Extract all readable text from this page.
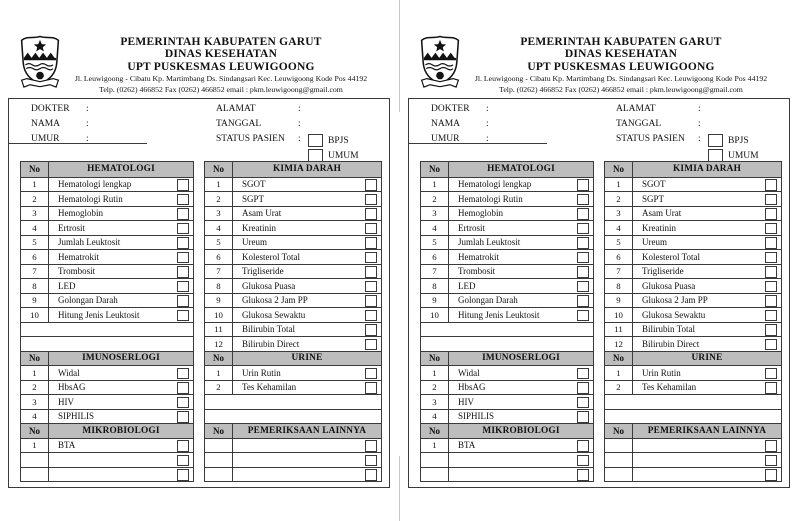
PEMERINTAH KABUPATEN GARUT
DINAS KESEHATAN
UPT PUSKESMAS LEUWIGOONG
Jl. Leuwigoong - Cibatu Kp. Martimbang Ds. Sindangsari Kec. Leuwigoong Kode Pos 44192
Telp. (0262) 466852 Fax (0262) 466852 email : pkm.leuwigoong@gmail.com
DOKTER	:
NAMA	:
UMUR	:
ALAMAT	:
TANGGAL	:
STATUS PASIEN	:	BPJS
UMUM
No	HEMATOLOGI
1	Hematologi lengkap
2	Hematologi Rutin
3	Hemoglobin
4	Ertrosit
5	Jumlah Leuktosit
6	Hematrokit
7	Trombosit
8	LED
9	Golongan Darah
10	Hitung Jenis Leuktosit
No	IMUNOSERLOGI
1	Widal
2	HbsAG
3	HIV
4	SIPHILIS
No	MIKROBIOLOGI
1	BTA
No	KIMIA DARAH
1	SGOT
2	SGPT
3	Asam Urat
4	Kreatinin
5	Ureum
6	Kolesterol Total
7	Trigliseride
8	Glukosa Puasa
9	Glukosa 2 Jam PP
10	Glukosa Sewaktu
11	Bilirubin Total
12	Bilirubin Direct
No	URINE
1	Urin Rutin
2	Tes Kehamilan
No	PEMERIKSAAN LAINNYA
PEMERINTAH KABUPATEN GARUT
DINAS KESEHATAN
UPT PUSKESMAS LEUWIGOONG
Jl. Leuwigoong - Cibatu Kp. Martimbang Ds. Sindangsari Kec. Leuwigoong Kode Pos 44192
Telp. (0262) 466852 Fax (0262) 466852 email : pkm.leuwigoong@gmail.com
DOKTER	:
NAMA	:
UMUR	:
ALAMAT	:
TANGGAL	:
STATUS PASIEN	:	BPJS
UMUM
No	HEMATOLOGI
1	Hematologi lengkap
2	Hematologi Rutin
3	Hemoglobin
4	Ertrosit
5	Jumlah Leuktosit
6	Hematrokit
7	Trombosit
8	LED
9	Golongan Darah
10	Hitung Jenis Leuktosit
No	IMUNOSERLOGI
1	Widal
2	HbsAG
3	HIV
4	SIPHILIS
No	MIKROBIOLOGI
1	BTA
No	KIMIA DARAH
1	SGOT
2	SGPT
3	Asam Urat
4	Kreatinin
5	Ureum
6	Kolesterol Total
7	Trigliseride
8	Glukosa Puasa
9	Glukosa 2 Jam PP
10	Glukosa Sewaktu
11	Bilirubin Total
12	Bilirubin Direct
No	URINE
1	Urin Rutin
2	Tes Kehamilan
No	PEMERIKSAAN LAINNYA
